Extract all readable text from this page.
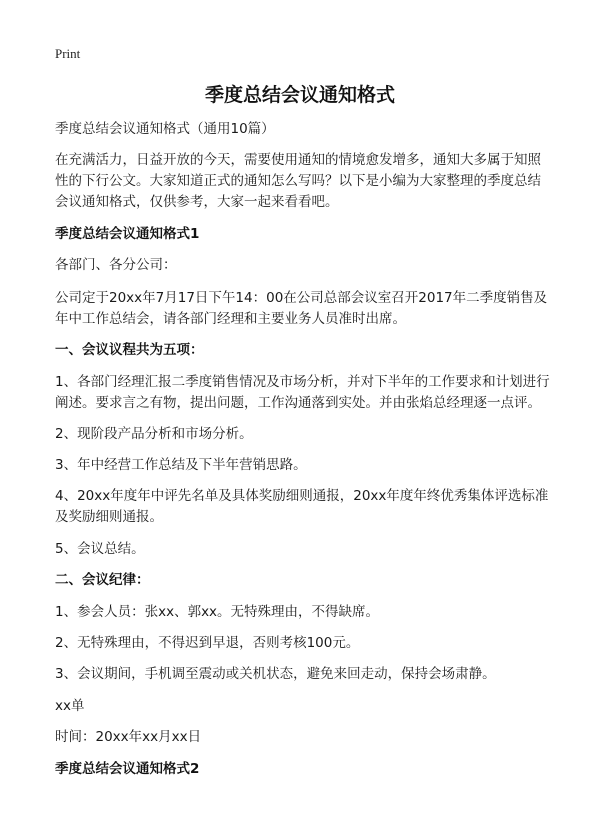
Print
季度总结会议通知格式

季度总结会议通知格式（通用10篇）

在充满活力，日益开放的今天，需要使用通知的情境愈发增多，通知大多属于知照性的下行公文。大家知道正式的通知怎么写吗？以下是小编为大家整理的季度总结会议通知格式，仅供参考，大家一起来看看吧。

季度总结会议通知格式1

各部门、各分公司：

公司定于20xx年7月17日下午14：00在公司总部会议室召开2017年二季度销售及年中工作总结会，请各部门经理和主要业务人员准时出席。

一、会议议程共为五项：

1、各部门经理汇报二季度销售情况及市场分析，并对下半年的工作要求和计划进行阐述。要求言之有物，提出问题，工作沟通落到实处。并由张焰总经理逐一点评。

2、现阶段产品分析和市场分析。

3、年中经营工作总结及下半年营销思路。

4、20xx年度年中评先名单及具体奖励细则通报，20xx年度年终优秀集体评选标准及奖励细则通报。

5、会议总结。

二、会议纪律：

1、参会人员：张xx、郭xx。无特殊理由，不得缺席。

2、无特殊理由，不得迟到早退，否则考核100元。

3、会议期间，手机调至震动或关机状态，避免来回走动，保持会场肃静。

xx单

时间：20xx年xx月xx日

季度总结会议通知格式2
